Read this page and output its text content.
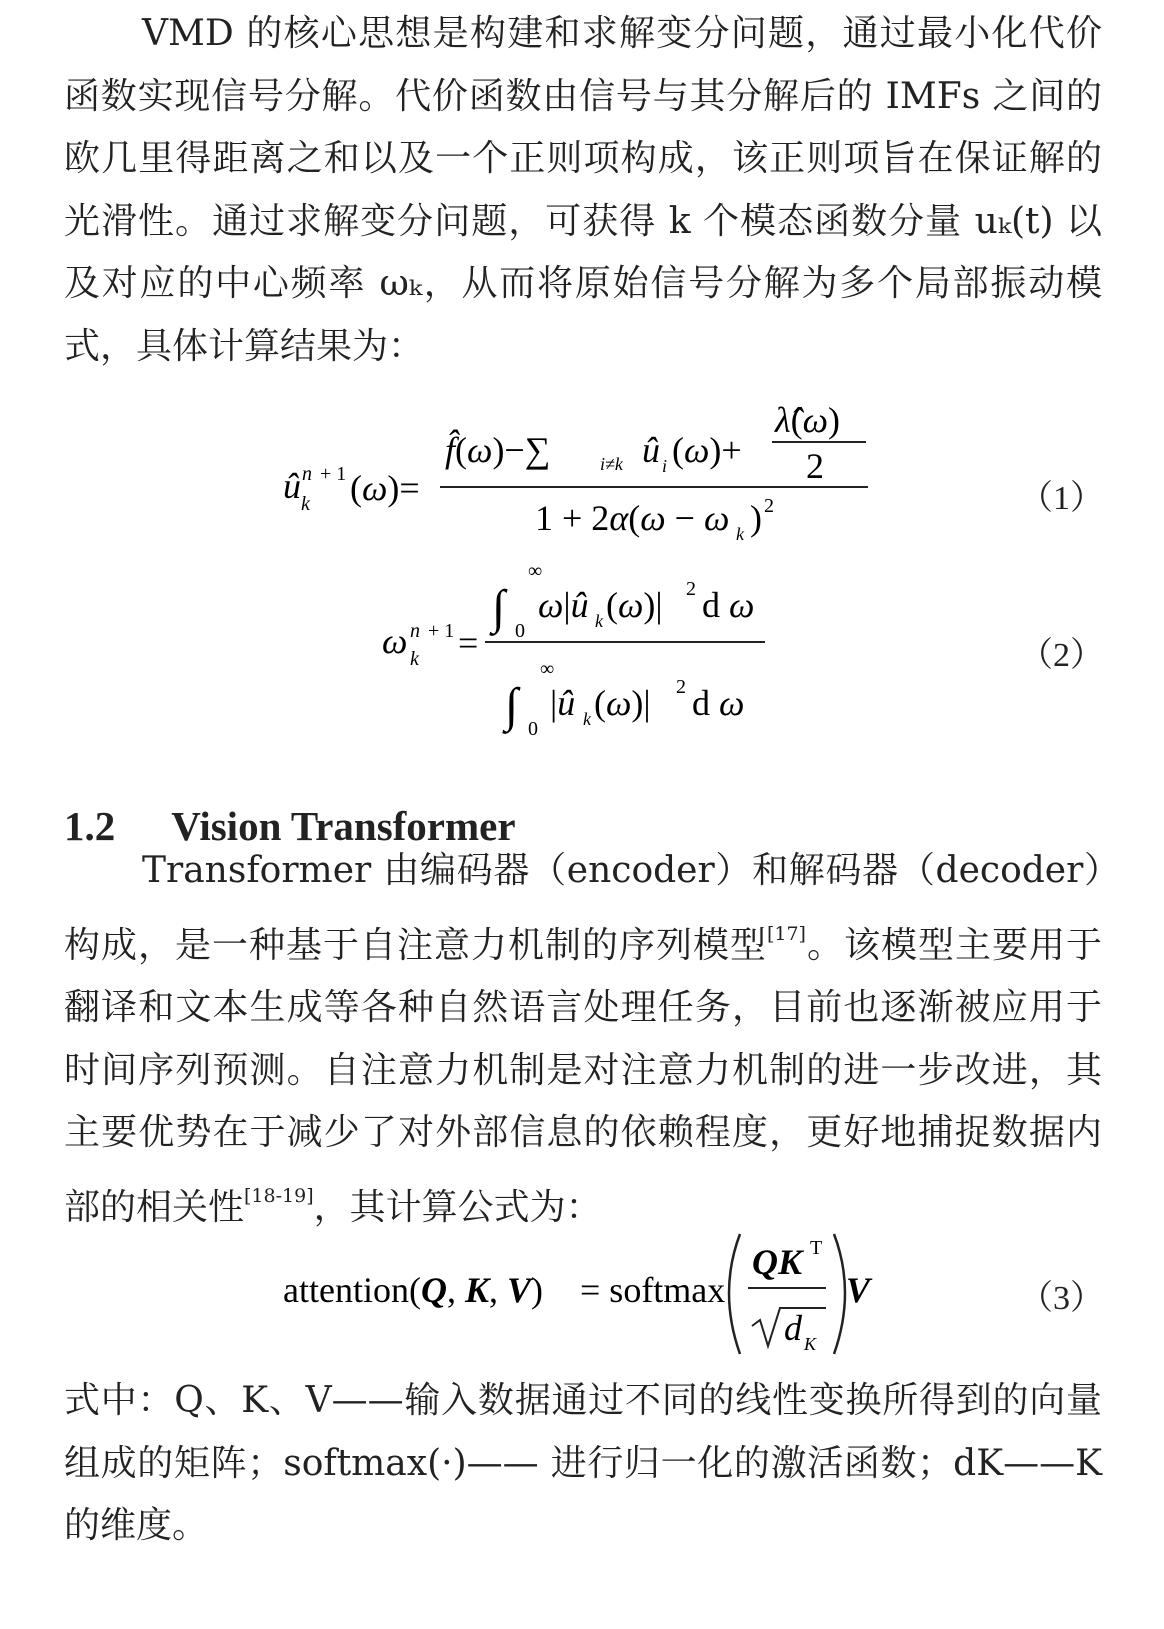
VMD 的核心思想是构建和求解变分问题，通过最小化代价函数实现信号分解。代价函数由信号与其分解后的 IMFs 之间的欧几里得距离之和以及一个正则项构成，该正则项旨在保证解的光滑性。通过求解变分问题，可获得 k 个模态函数分量 uₖ(t) 以及对应的中心频率 ωₖ，从而将原始信号分解为多个局部振动模式，具体计算结果为：

û n + 1
k (ω)=
f̂(ω)−∑	i≠k û i (ω)+
λ̂(ω)
2
1 + 2α(ω − ω k ) 2	（1）
ω n + 1
k =
∫
∞
0
ω|û k (ω)| 2 d ω
∫
∞
0
|û k (ω)| 2 d ω
（2）
1.2 Vision Transformer

Transformer 由编码器（encoder）和解码器（decoder）构成，是一种基于自注意力机制的序列模型[17]。该模型主要用于翻译和文本生成等各种自然语言处理任务，目前也逐渐被应用于时间序列预测。自注意力机制是对注意力机制的进一步改进，其主要优势在于减少了对外部信息的依赖程度，更好地捕捉数据内部的相关性[18-19]，其计算公式为：

attention(Q, K, V) = softmax
QK T
d K
V	（3）

式中：Q、K、V——输入数据通过不同的线性变换所得到的向量组成的矩阵；softmax(·)—— 进行归一化的激活函数；dK——K 的维度。
